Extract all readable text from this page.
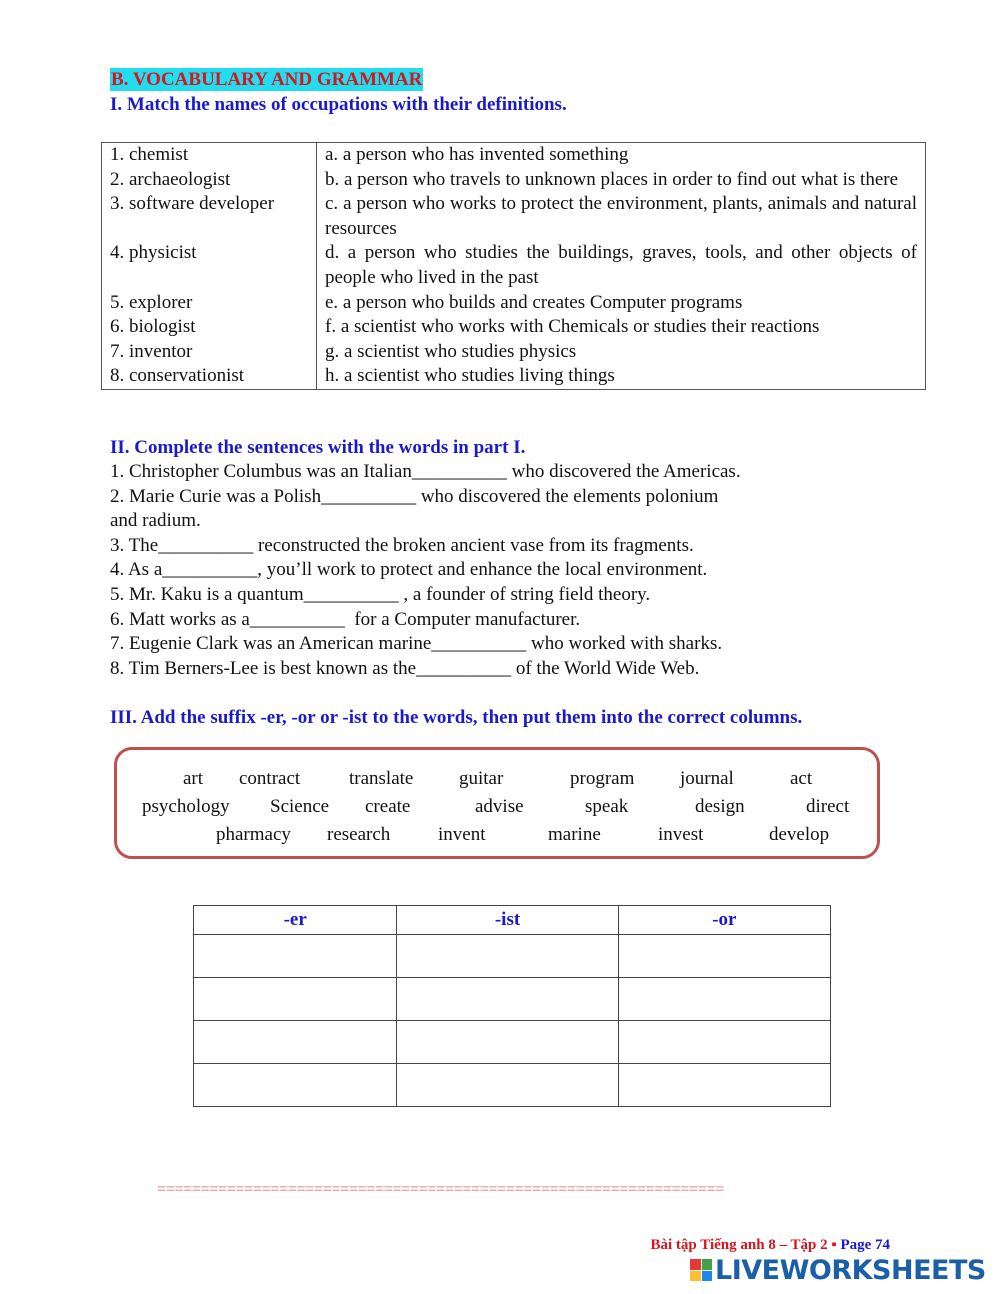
B. VOCABULARY AND GRAMMAR
I. Match the names of occupations with their definitions.
1. chemist	a. a person who has invented something
2. archaeologist	b. a person who travels to unknown places in order to find out what is there
3. software developer	c. a person who works to protect the environment, plants, animals and natural resources
4. physicist	d. a person who studies the buildings, graves, tools, and other objects of people who lived in the past
5. explorer	e. a person who builds and creates Computer programs
6. biologist	f. a scientist who works with Chemicals or studies their reactions
7. inventor	g. a scientist who studies physics
8. conservationist	h. a scientist who studies living things
II. Complete the sentences with the words in part I.
1. Christopher Columbus was an Italian__________ who discovered the Americas.
2. Marie Curie was a Polish__________ who discovered the elements polonium
and radium.
3. The__________ reconstructed the broken ancient vase from its fragments.
4. As a__________, you’ll work to protect and enhance the local environment.
5. Mr. Kaku is a quantum__________ , a founder of string field theory.
6. Matt works as a__________  for a Computer manufacturer.
7. Eugenie Clark was an American marine__________ who worked with sharks.
8. Tim Berners-Lee is best known as the__________ of the World Wide Web.
III. Add the suffix -er, -or or -ist to the words, then put them into the correct columns.
art contract	translate guitar	program journal	act
psychology Science create	advise	speak	design	direct
pharmacy research	invent	marine	invest	develop
-er	-ist	-or

=================================================================

Bài tập Tiếng anh 8 – Tập 2 ▪ Page 74

LIVEWORKSHEETS
